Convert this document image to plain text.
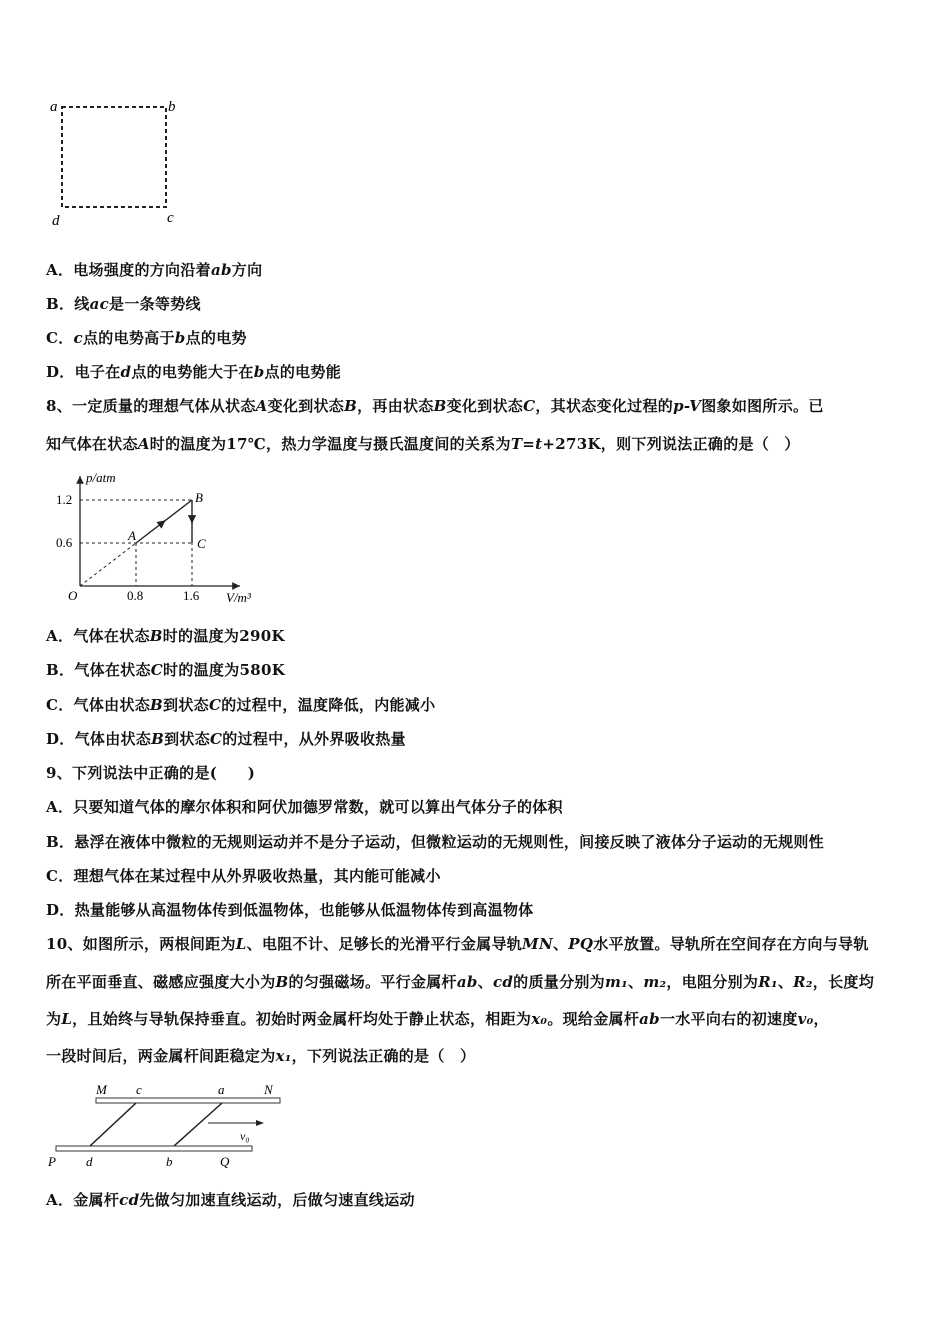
a	b
c
d
A．电场强度的方向沿着ab方向
B．线ac是一条等势线
C．c点的电势高于b点的电势
D．电子在d点的电势能大于在b点的电势能
8、一定质量的理想气体从状态A变化到状态B，再由状态B变化到状态C，其状态变化过程的p-V图象如图所示。已
知气体在状态A时的温度为17℃，热力学温度与摄氏温度间的关系为T=t+273K，则下列说法正确的是（　）
p/atm
V/m³
O
1.2
0.6
0.8	1.6
A
B
C
A．气体在状态B时的温度为290K
B．气体在状态C时的温度为580K
C．气体由状态B到状态C的过程中，温度降低，内能减小
D．气体由状态B到状态C的过程中，从外界吸收热量
9、下列说法中正确的是(　　)
A．只要知道气体的摩尔体积和阿伏加德罗常数，就可以算出气体分子的体积
B．悬浮在液体中微粒的无规则运动并不是分子运动，但微粒运动的无规则性，间接反映了液体分子运动的无规则性
C．理想气体在某过程中从外界吸收热量，其内能可能减小
D．热量能够从高温物体传到低温物体，也能够从低温物体传到高温物体
10、如图所示，两根间距为L、电阻不计、足够长的光滑平行金属导轨MN、PQ水平放置。导轨所在空间存在方向与导轨
所在平面垂直、磁感应强度大小为B的匀强磁场。平行金属杆ab、cd的质量分别为m₁、m₂，电阻分别为R₁、R₂，长度均
为L，且始终与导轨保持垂直。初始时两金属杆均处于静止状态，相距为x₀。现给金属杆ab一水平向右的初速度v₀，
一段时间后，两金属杆间距稳定为x₁，下列说法正确的是（　）
M c	a	N
P d	b	Q
v₀
A．金属杆cd先做匀加速直线运动，后做匀速直线运动
